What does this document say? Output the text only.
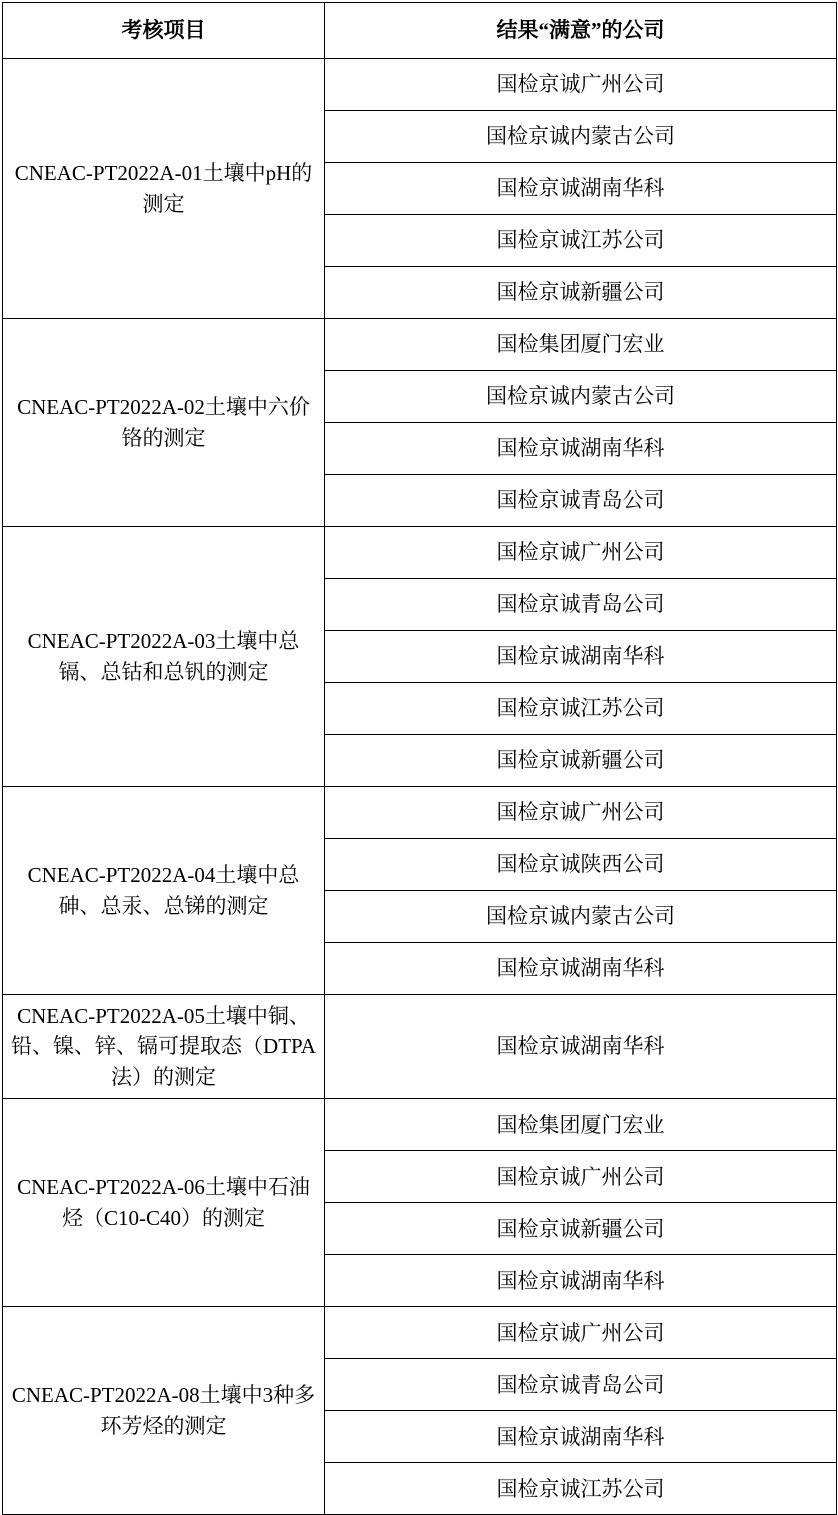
考核项目	结果“满意”的公司
CNEAC-PT2022A-01土壤中pH的测定	国检京诚广州公司
	国检京诚内蒙古公司
	国检京诚湖南华科
	国检京诚江苏公司
	国检京诚新疆公司
CNEAC-PT2022A-02土壤中六价铬的测定	国检集团厦门宏业
	国检京诚内蒙古公司
	国检京诚湖南华科
	国检京诚青岛公司
CNEAC-PT2022A-03土壤中总镉、总钴和总钒的测定	国检京诚广州公司
	国检京诚青岛公司
	国检京诚湖南华科
	国检京诚江苏公司
	国检京诚新疆公司
CNEAC-PT2022A-04土壤中总砷、总汞、总锑的测定	国检京诚广州公司
	国检京诚陕西公司
	国检京诚内蒙古公司
	国检京诚湖南华科
CNEAC-PT2022A-05土壤中铜、铅、镍、锌、镉可提取态（DTPA法）的测定	国检京诚湖南华科
CNEAC-PT2022A-06土壤中石油烃（C10-C40）的测定	国检集团厦门宏业
	国检京诚广州公司
	国检京诚新疆公司
	国检京诚湖南华科
CNEAC-PT2022A-08土壤中3种多环芳烃的测定	国检京诚广州公司
	国检京诚青岛公司
	国检京诚湖南华科
	国检京诚江苏公司
